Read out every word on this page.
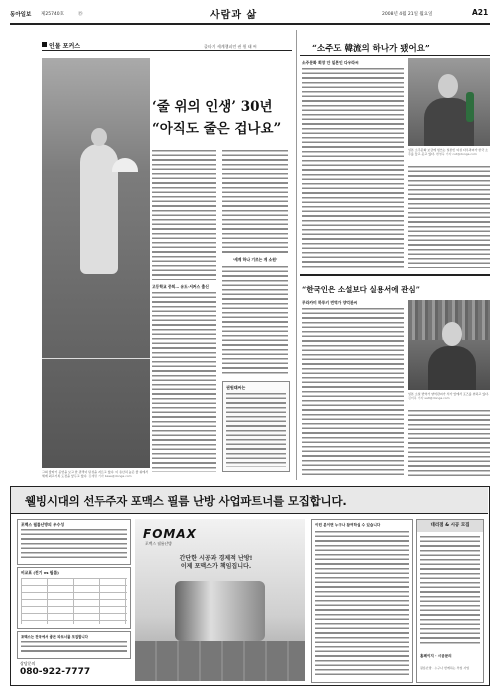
동아일보 제25740호	⑮	사람과 삶	2008년 4월 21일 월요일	A21
인물 포커스	줄타기 세계챔피언 권 원 태 씨
그의 줄타기 공연을 보고 한 관객이 탄성을 지르고 있다. 이 유난히 높은 줄 위에서 세계 최고기록 도전을 앞두고 있다. 김재명 기자 base@donga.com
‘줄 위의 인생’ 30년
“아직도 줄은 겁나요”
고등학교 중퇴… 유도·서커스 출신
‘세계 하나 기르는 게 소원’
권원태씨는
“소주도 韓流의 하나가 됐어요”
소주문화 회장 안 일본인 다우라씨
일본 소주문화 보급에 힘쓰는 일본인 여성 다우라씨가 한국 소주를 들고 웃고 있다. 변영욱 기자 cut@donga.com
“한국인은 소설보다 실용서에 관심”
무라카미 하루키 번역가 양억관씨
일본 소설 번역가 양억관씨가 서가 앞에서 포즈를 취하고 있다. 김미옥 기자 salt@donga.com
웰빙시대의 선두주자 포맥스 필름 난방 사업파트너를 모집합니다.
포맥스 필름난방의 우수성
비교표 (전기 vs 필름)
포맥스는 전국에서 좋은 파트너를 모집합니다
상담문의
080-922-7777
FOMAX
포맥스 필름난방
간단한 시공과 경제적 난방!
이제 포맥스가 책임집니다.
이런 분이면 누구나 참여하실 수 있습니다	대리점 & 시공 모집
홈페이지 · 시공문의
필름난방 · 누구나 함께하는 부업 사업
